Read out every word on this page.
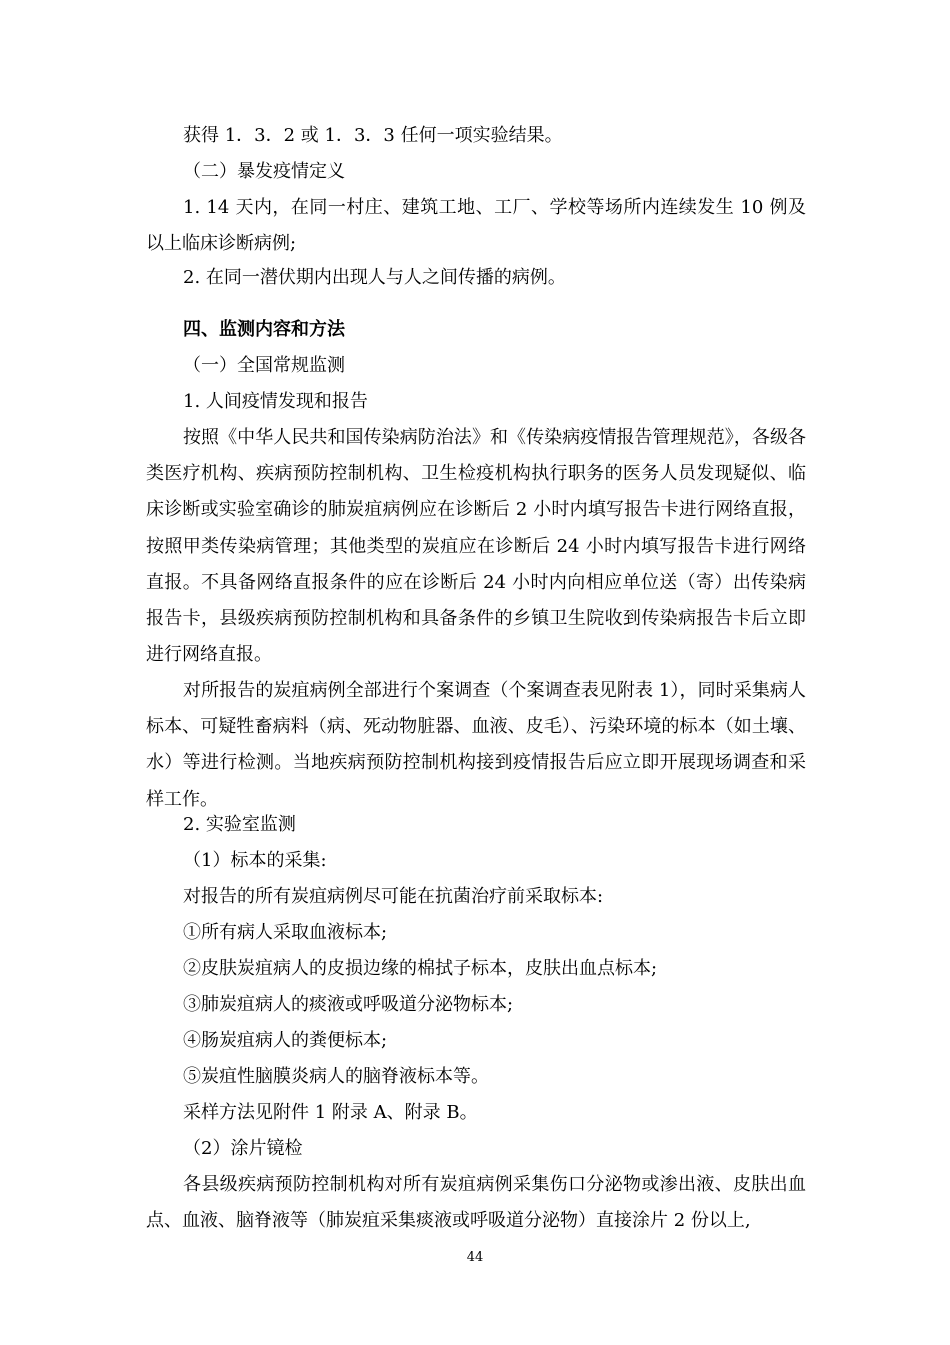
获得 1．3．2 或 1．3．3 任何一项实验结果。
（二）暴发疫情定义
1. 14 天内，在同一村庄、建筑工地、工厂、学校等场所内连续发生 10 例及以上临床诊断病例;
2. 在同一潜伏期内出现人与人之间传播的病例。
四、监测内容和方法
（一）全国常规监测
1. 人间疫情发现和报告
按照《中华人民共和国传染病防治法》和《传染病疫情报告管理规范》，各级各类医疗机构、疾病预防控制机构、卫生检疫机构执行职务的医务人员发现疑似、临床诊断或实验室确诊的肺炭疽病例应在诊断后 2 小时内填写报告卡进行网络直报，按照甲类传染病管理；其他类型的炭疽应在诊断后 24 小时内填写报告卡进行网络直报。不具备网络直报条件的应在诊断后 24 小时内向相应单位送（寄）出传染病报告卡，县级疾病预防控制机构和具备条件的乡镇卫生院收到传染病报告卡后立即进行网络直报。
对所报告的炭疽病例全部进行个案调查（个案调查表见附表 1），同时采集病人标本、可疑牲畜病料（病、死动物脏器、血液、皮毛）、污染环境的标本（如土壤、水）等进行检测。当地疾病预防控制机构接到疫情报告后应立即开展现场调查和采样工作。
2. 实验室监测
（1）标本的采集:
对报告的所有炭疽病例尽可能在抗菌治疗前采取标本:
①所有病人采取血液标本;
②皮肤炭疽病人的皮损边缘的棉拭子标本，皮肤出血点标本;
③肺炭疽病人的痰液或呼吸道分泌物标本;
④肠炭疽病人的粪便标本;
⑤炭疽性脑膜炎病人的脑脊液标本等。
采样方法见附件 1 附录 A、附录 B。
（2）涂片镜检
各县级疾病预防控制机构对所有炭疽病例采集伤口分泌物或渗出液、皮肤出血点、血液、脑脊液等（肺炭疽采集痰液或呼吸道分泌物）直接涂片 2 份以上,
44
